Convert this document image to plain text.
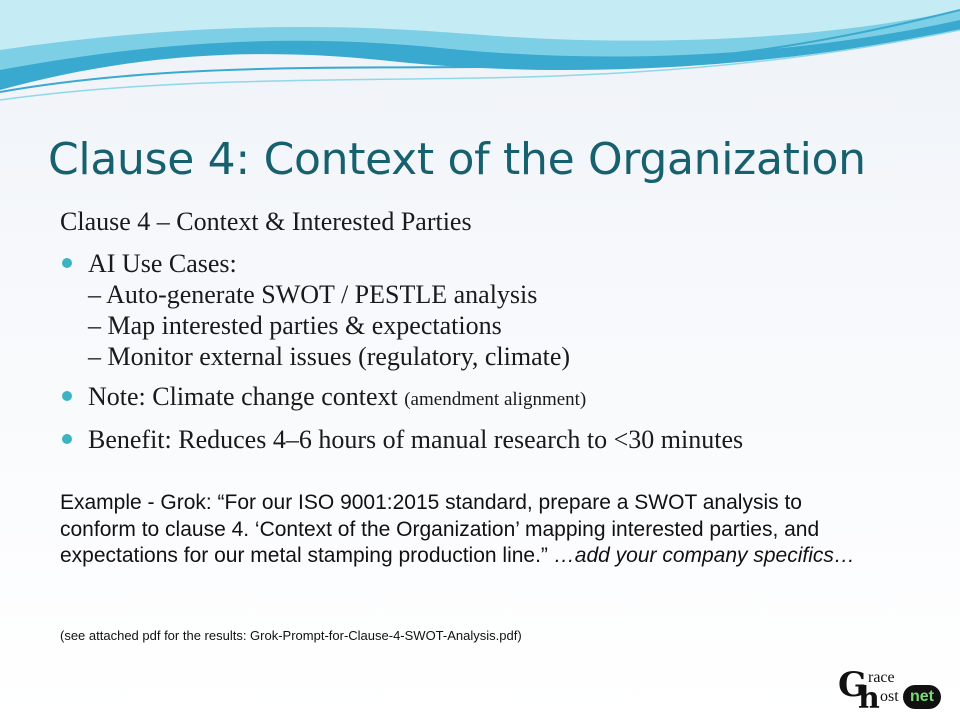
Clause 4: Context of the Organization
Clause 4 – Context & Interested Parties
AI Use Cases:
– Auto-generate SWOT / PESTLE analysis
– Map interested parties & expectations
– Monitor external issues (regulatory, climate)
Note: Climate change context (amendment alignment)
Benefit: Reduces 4–6 hours of manual research to <30 minutes
Example - Grok: “For our ISO 9001:2015 standard, prepare a SWOT analysis to conform to clause 4. ‘Context of the Organization’ mapping interested parties, and expectations for our metal stamping production line.” …add your company specifics…
(see attached pdf for the results: Grok-Prompt-for-Clause-4-SWOT-Analysis.pdf)
G race
h ost net
